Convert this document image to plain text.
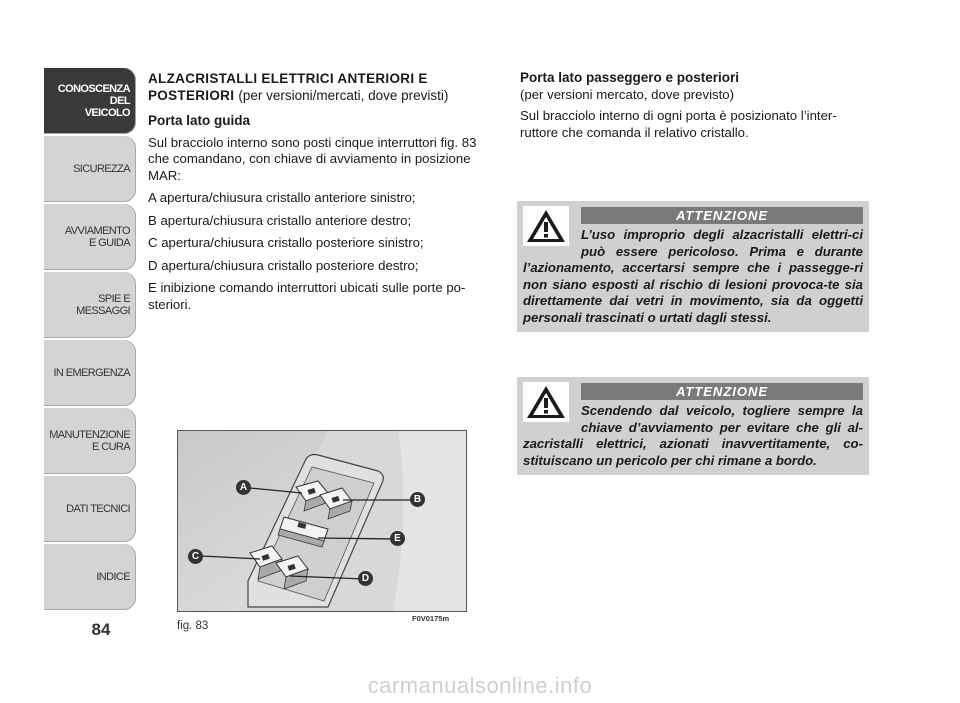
CONOSCENZA
DEL
VEICOLO
SICUREZZA
AVVIAMENTO
E GUIDA
SPIE E
MESSAGGI
IN EMERGENZA
MANUTENZIONE
E CURA
DATI TECNICI
INDICE
84
ALZACRISTALLI ELETTRICI ANTERIORI E POSTERIORI (per versioni/mercati, dove previsti)
Porta lato guida

Sul bracciolo interno sono posti cinque interruttori fig. 83 che comandano, con chiave di avviamento in posizione MAR:

A apertura/chiusura cristallo anteriore sinistro;

B apertura/chiusura cristallo anteriore destro;

C apertura/chiusura cristallo posteriore sinistro;

D apertura/chiusura cristallo posteriore destro;

E inibizione comando interruttori ubicati sulle porte po-steriori.

Porta lato passeggero e posteriori

(per versioni mercato, dove previsto)

Sul bracciolo interno di ogni porta è posizionato l’inter-ruttore che comanda il relativo cristallo.

ATTENZIONE
L’uso improprio degli alzacristalli elettri-ci può essere pericoloso. Prima e durante l’azionamento, accertarsi sempre che i passegge-ri non siano esposti al rischio di lesioni provoca-te sia direttamente dai vetri in movimento, sia da oggetti personali trascinati o urtati dagli stessi.
ATTENZIONE
Scendendo dal veicolo, togliere sempre la chiave d’avviamento per evitare che gli al-zacristalli elettrici, azionati inavvertitamente, co-stituiscano un pericolo per chi rimane a bordo.
A
B
E
C
D
fig. 83
F0V0175m
carmanualsonline.info
